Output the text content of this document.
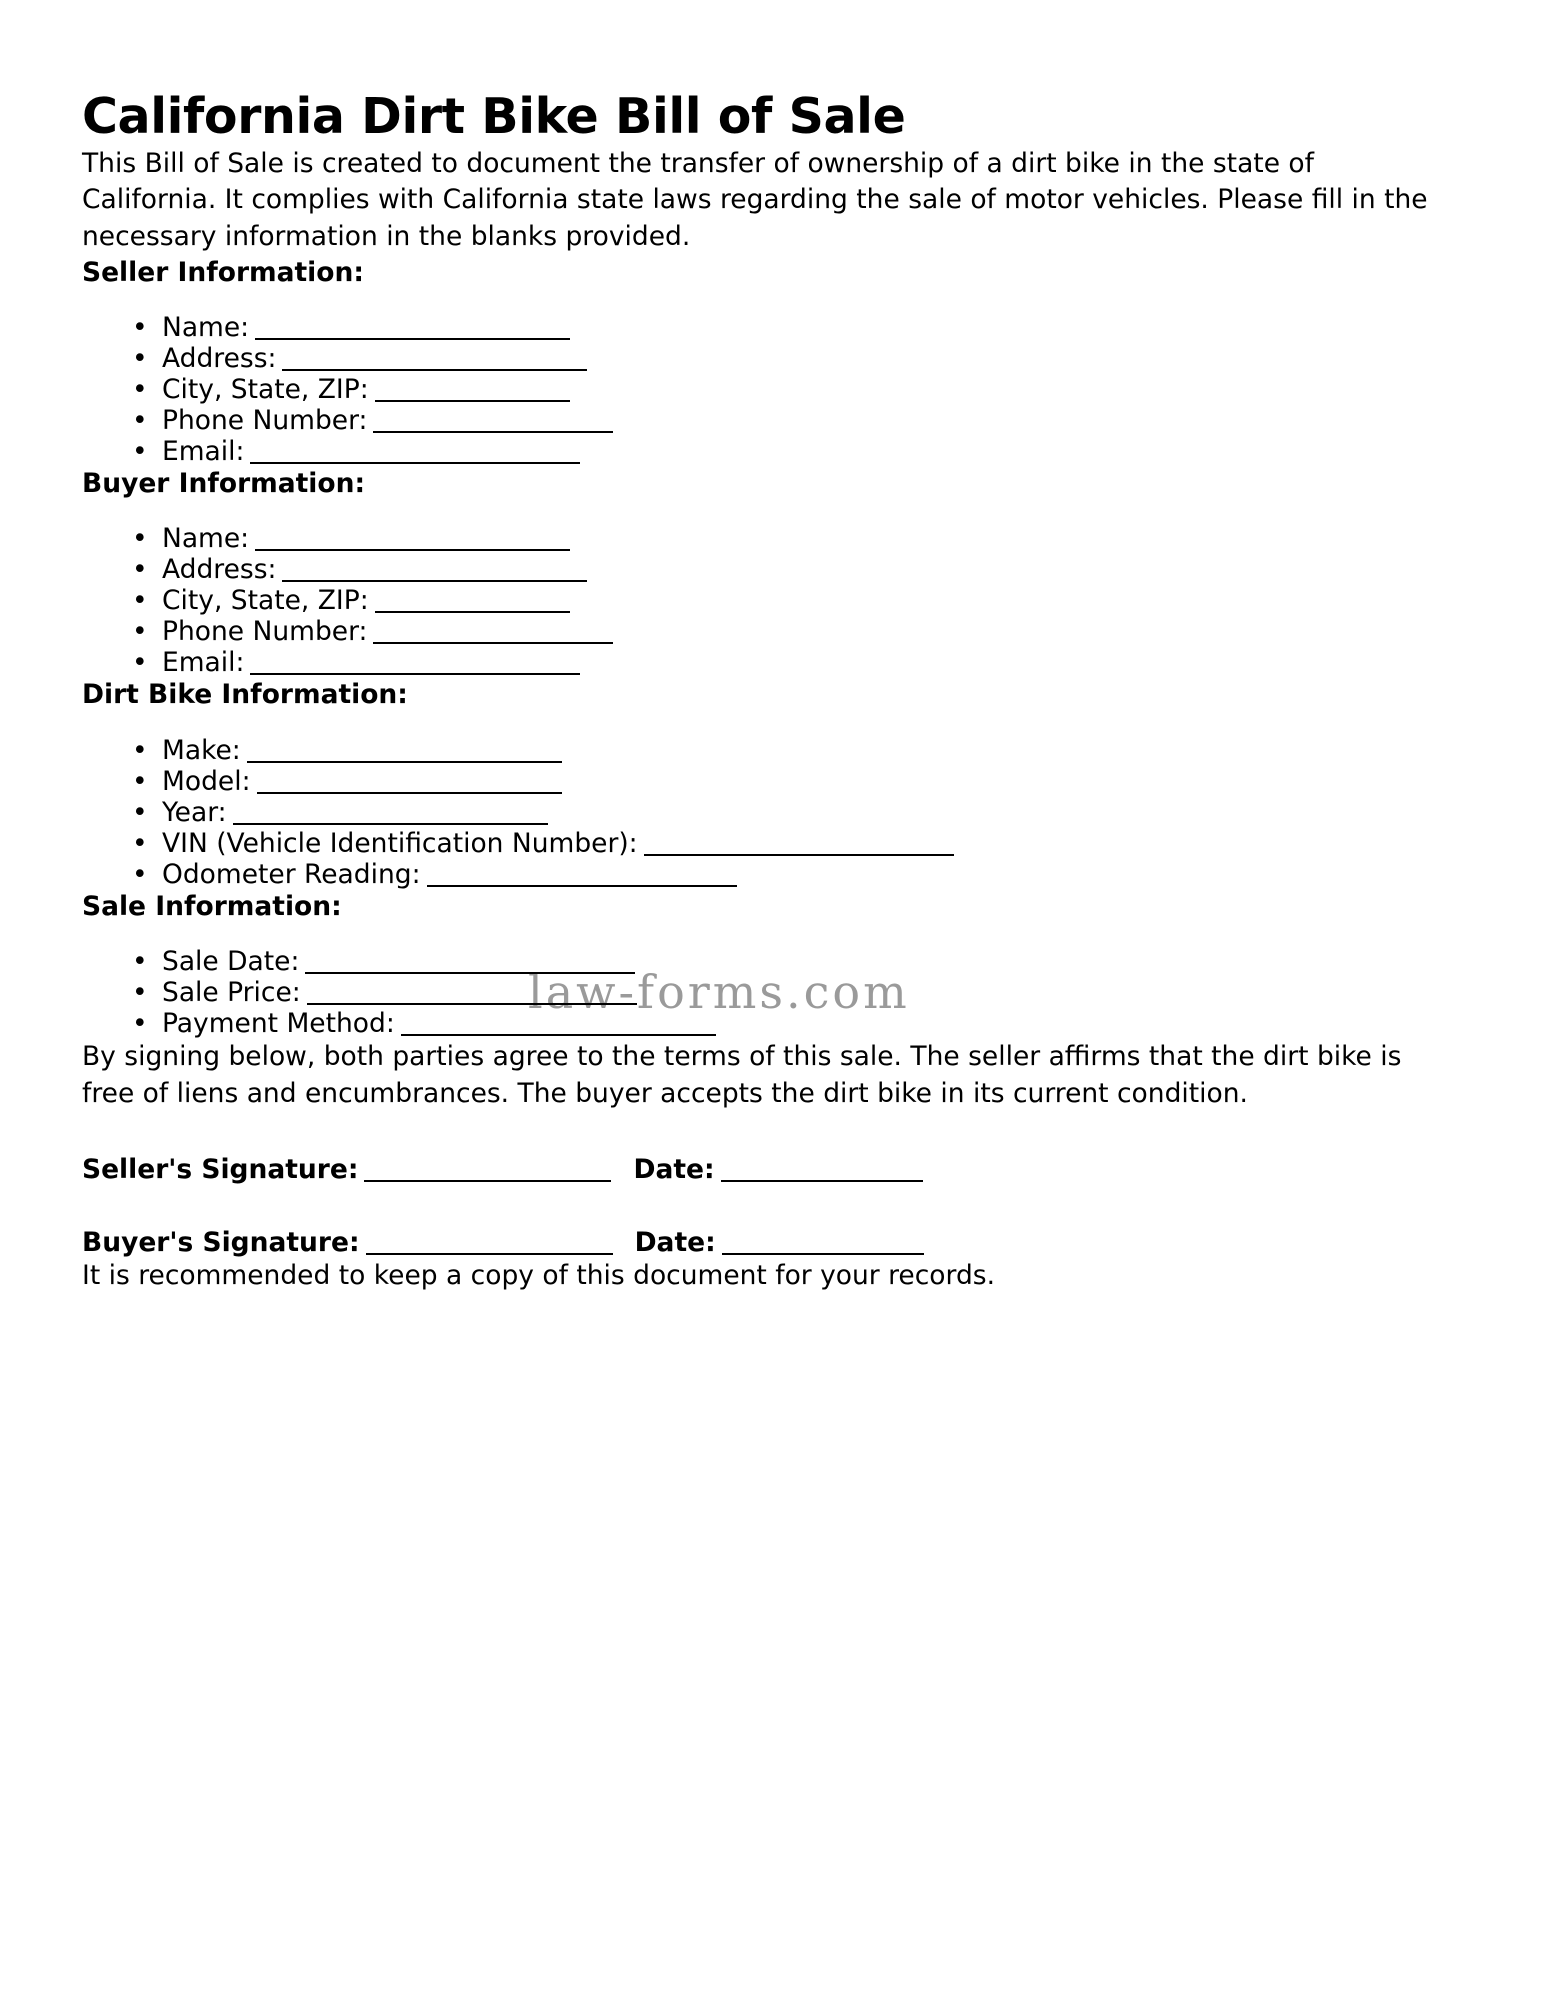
law-forms.com
California Dirt Bike Bill of Sale

This Bill of Sale is created to document the transfer of ownership of a dirt bike in the state of California. It complies with California state laws regarding the sale of motor vehicles. Please fill in the necessary information in the blanks provided.

Seller Information:
• Name:
• Address:
• City, State, ZIP:
• Phone Number:
• Email:
Buyer Information:
• Name:
• Address:
• City, State, ZIP:
• Phone Number:
• Email:
Dirt Bike Information:
• Make:
• Model:
• Year:
• VIN (Vehicle Identification Number):
• Odometer Reading:
Sale Information:
• Sale Date:
• Sale Price:
• Payment Method:

By signing below, both parties agree to the terms of this sale. The seller affirms that the dirt bike is free of liens and encumbrances. The buyer accepts the dirt bike in its current condition.

Seller's Signature:	Date:
Buyer's Signature:	Date:

It is recommended to keep a copy of this document for your records.
